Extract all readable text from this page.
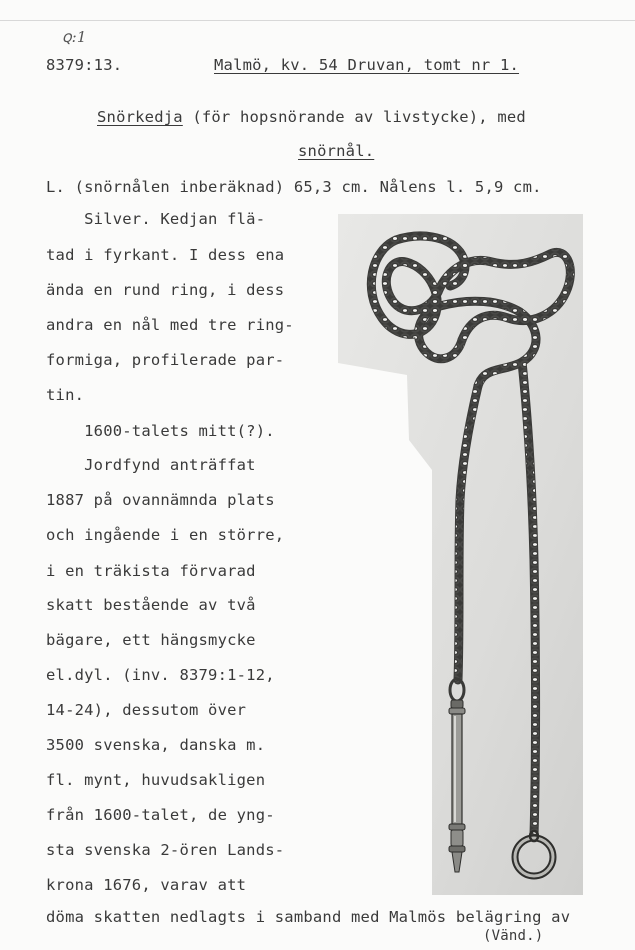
ꞯ:1
8379:13.	Malmö, kv. 54 Druvan, tomt nr 1.
Snörkedja (för hopsnörande av livstycke), med
snörnål.
L. (snörnålen inberäknad) 65,3 cm. Nålens l. 5,9 cm.
Silver. Kedjan flä-
tad i fyrkant. I dess ena
ända en rund ring, i dess
andra en nål med tre ring-
formiga, profilerade par-
tin.
1600-talets mitt(?).
Jordfynd anträffat
1887 på ovannämnda plats
och ingående i en större,
i en träkista förvarad
skatt bestående av två
bägare, ett hängsmycke
el.dyl. (inv. 8379:1-12,
14-24), dessutom över
3500 svenska, danska m.
fl. mynt, huvudsakligen
från 1600-talet, de yng-
sta svenska 2-ören Lands-
krona 1676, varav att
döma skatten nedlagts i samband med Malmös belägring av
(Vänd.)
